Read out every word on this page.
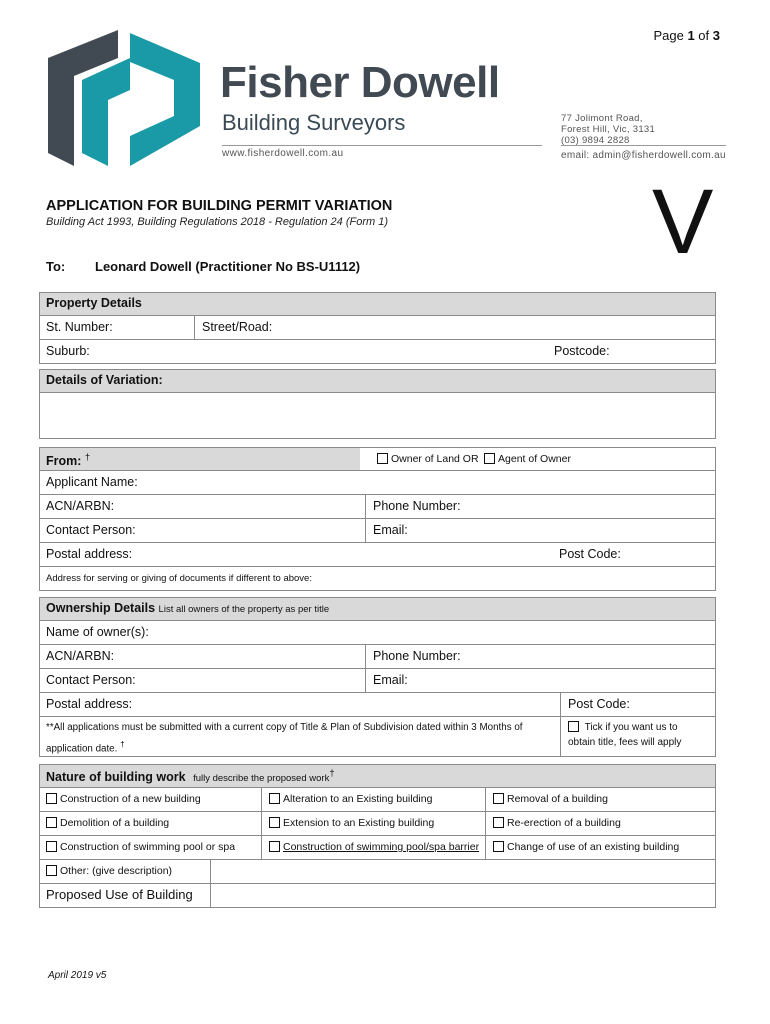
Page 1 of 3
Fisher Dowell
Building Surveyors
www.fisherdowell.com.au
77 Jolimont Road,
Forest Hill, Vic, 3131
(03) 9894 2828
email: admin@fisherdowell.com.au
APPLICATION FOR BUILDING PERMIT VARIATION
Building Act 1993, Building Regulations 2018 - Regulation 24 (Form 1)	V
To: Leonard Dowell (Practitioner No BS-U1112)
Property Details
St. Number:	Street/Road:
Suburb:	Postcode:
Details of Variation:
From: †	Owner of Land OR Agent of Owner
Applicant Name:
ACN/ARBN:	Phone Number:
Contact Person:	Email:
Postal address:	Post Code:
Address for serving or giving of documents if different to above:
Ownership Details List all owners of the property as per title
Name of owner(s):
ACN/ARBN:	Phone Number:
Contact Person:	Email:
Postal address:	Post Code:
**All applications must be submitted with a current copy of Title & Plan of Subdivision dated within 3 Months of
application date. †
Tick if you want us to
obtain title, fees will apply
Nature of building work fully describe the proposed work†
Construction of a new building	Alteration to an Existing building	Removal of a building
Demolition of a building	Extension to an Existing building	Re-erection of a building
Construction of swimming pool or spa	Construction of swimming pool/spa barrier	Change of use of an existing building
Other: (give description)
Proposed Use of Building
April 2019 v5
